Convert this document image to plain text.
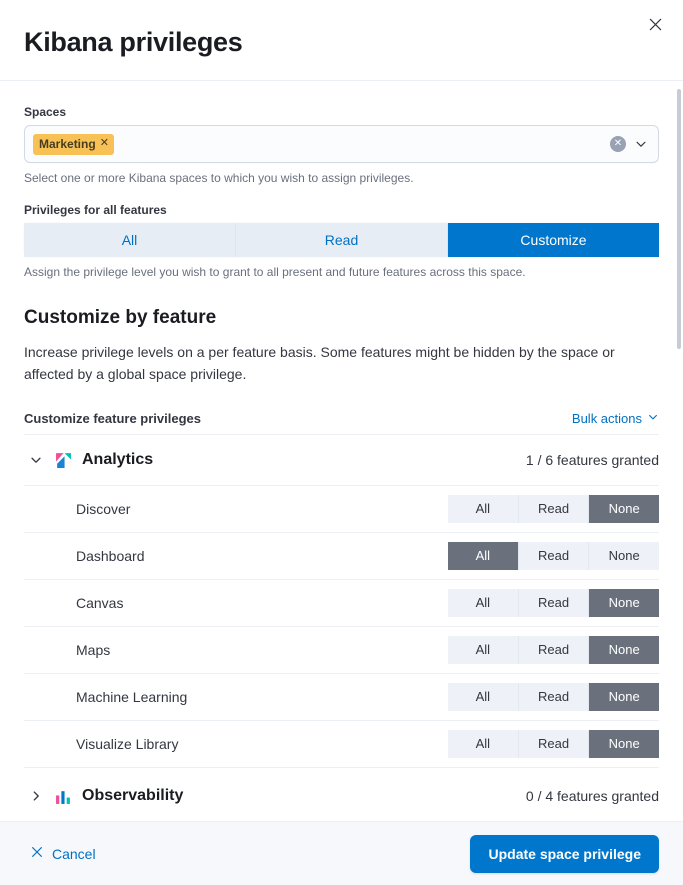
Kibana privileges
Spaces
Marketing ✕	✕

Select one or more Kibana spaces to which you wish to assign privileges.

Privileges for all features
All	Read	Customize

Assign the privilege level you wish to grant to all present and future features across this space.

Customize by feature

Increase privilege levels on a per feature basis. Some features might be hidden by the space or affected by a global space privilege.

Customize feature privileges	Bulk actions
Analytics	1 / 6 features granted
Discover	All	Read	None
Dashboard	All	Read	None
Canvas	All	Read	None
Maps	All	Read	None
Machine Learning	All	Read	None
Visualize Library	All	Read	None
Observability	0 / 4 features granted
Cancel	Update space privilege
